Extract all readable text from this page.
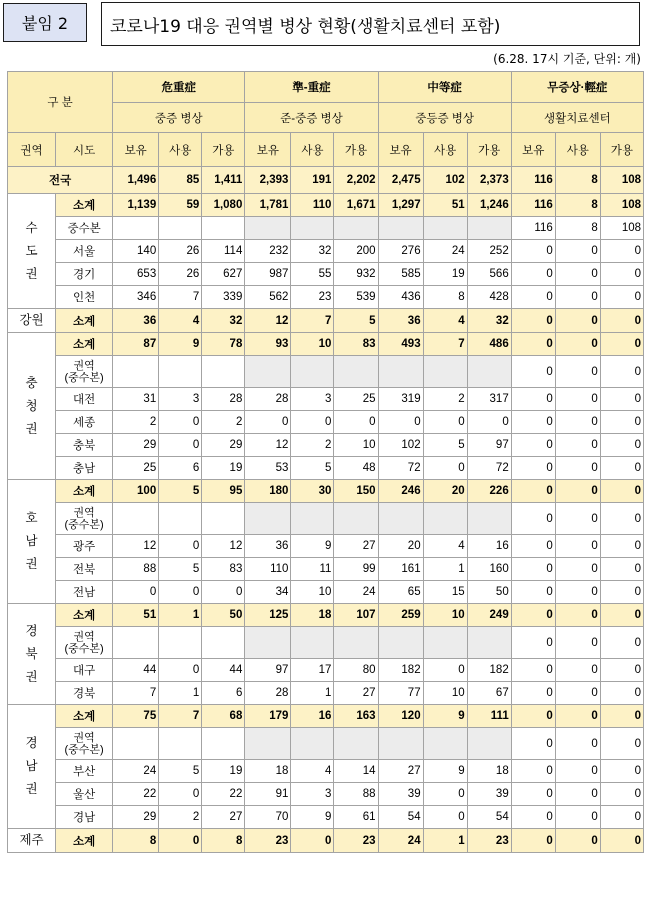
붙임 2	코로나19 대응 권역별 병상 현황(생활치료센터 포함)
(6.28. 17시 기준, 단위: 개)
구 분		危重症			準-重症			中等症			무증상·輕症		
		중증 병상			준-중증 병상			중등증 병상			생활치료센터		
권역	시도	보유	사용	가용	보유	사용	가용	보유	사용	가용	보유	사용	가용
전국		1,496	85	1,411	2,393	191	2,202	2,475	102	2,373	116	8	108
수
도
권	소계	1,139	59	1,080	1,781	110	1,671	1,297	51	1,246	116	8	108
	중수본										116	8	108
	서울	140	26	114	232	32	200	276	24	252	0	0	0
	경기	653	26	627	987	55	932	585	19	566	0	0	0
	인천	346	7	339	562	23	539	436	8	428	0	0	0
강원	소계	36	4	32	12	7	5	36	4	32	0	0	0
충
청
권	소계	87	9	78	93	10	83	493	7	486	0	0	0

	권역
(중수본)										0	0	0
	대전	31	3	28	28	3	25	319	2	317	0	0	0
	세종	2	0	2	0	0	0	0	0	0	0	0	0
	충북	29	0	29	12	2	10	102	5	97	0	0	0
	충남	25	6	19	53	5	48	72	0	72	0	0	0
호
남
권	소계	100	5	95	180	30	150	246	20	226	0	0	0

	권역
(중수본)										0	0	0
	광주	12	0	12	36	9	27	20	4	16	0	0	0
	전북	88	5	83	110	11	99	161	1	160	0	0	0
	전남	0	0	0	34	10	24	65	15	50	0	0	0
경
북
권	소계	51	1	50	125	18	107	259	10	249	0	0	0

	권역
(중수본)										0	0	0
	대구	44	0	44	97	17	80	182	0	182	0	0	0
	경북	7	1	6	28	1	27	77	10	67	0	0	0
경
남
권	소계	75	7	68	179	16	163	120	9	111	0	0	0

	권역
(중수본)										0	0	0
	부산	24	5	19	18	4	14	27	9	18	0	0	0
	울산	22	0	22	91	3	88	39	0	39	0	0	0
	경남	29	2	27	70	9	61	54	0	54	0	0	0
제주	소계	8	0	8	23	0	23	24	1	23	0	0	0
